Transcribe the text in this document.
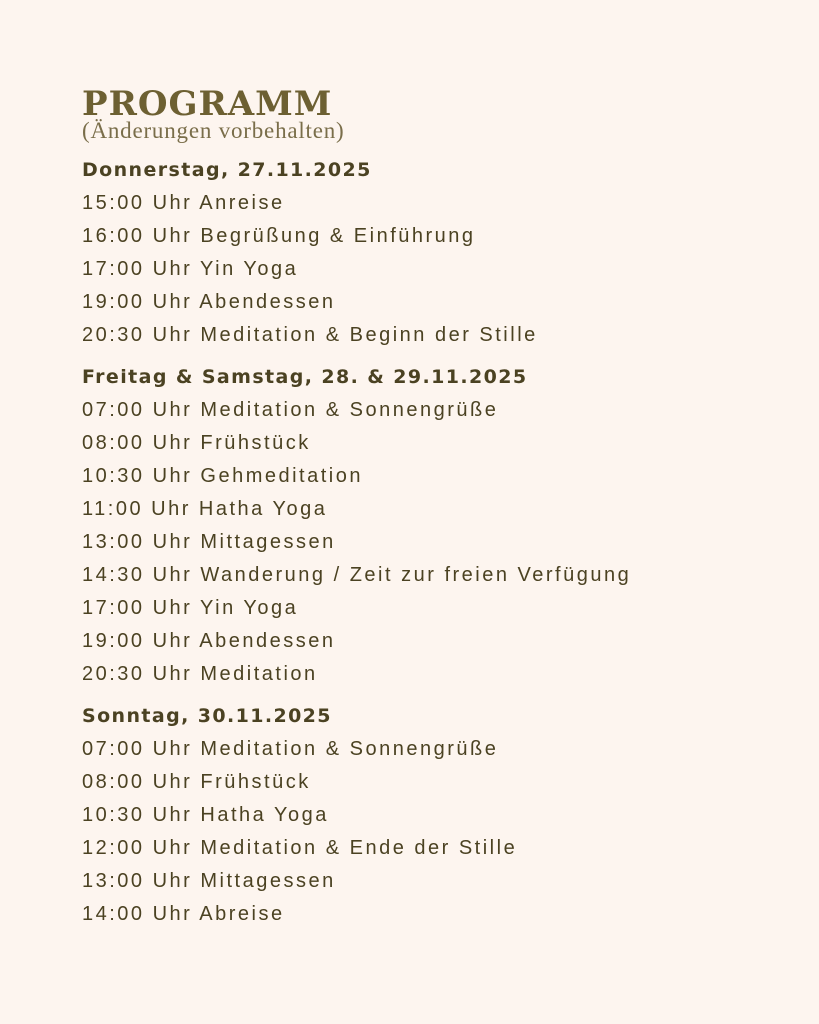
PROGRAMM
(Änderungen vorbehalten)
Donnerstag, 27.11.2025
15:00 Uhr Anreise
16:00 Uhr Begrüßung & Einführung
17:00 Uhr Yin Yoga
19:00 Uhr Abendessen
20:30 Uhr Meditation & Beginn der Stille
Freitag & Samstag, 28. & 29.11.2025
07:00 Uhr Meditation & Sonnengrüße
08:00 Uhr Frühstück
10:30 Uhr Gehmeditation
11:00 Uhr Hatha Yoga
13:00 Uhr Mittagessen
14:30 Uhr Wanderung / Zeit zur freien Verfügung
17:00 Uhr Yin Yoga
19:00 Uhr Abendessen
20:30 Uhr Meditation
Sonntag, 30.11.2025
07:00 Uhr Meditation & Sonnengrüße
08:00 Uhr Frühstück
10:30 Uhr Hatha Yoga
12:00 Uhr Meditation & Ende der Stille
13:00 Uhr Mittagessen
14:00 Uhr Abreise
